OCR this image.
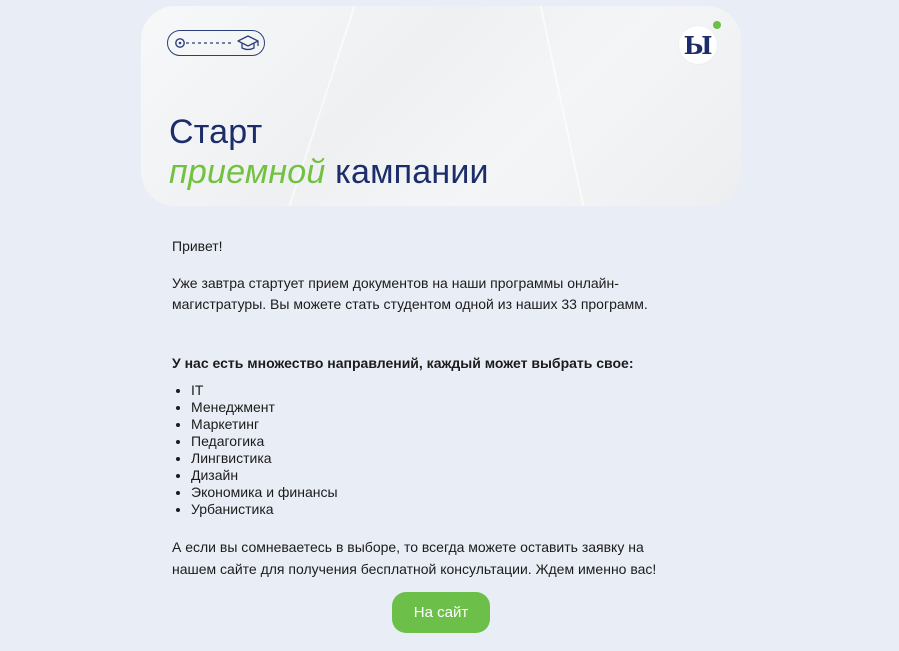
Ы
Старт
приемной кампании

Привет!

Уже завтра стартует прием документов на наши программы онлайн-магистратуры. Вы можете стать студентом одной из наших 33 программ.

У нас есть множество направлений, каждый может выбрать свое:

• IT
• Менеджмент
• Маркетинг
• Педагогика
• Лингвистика
• Дизайн
• Экономика и финансы
• Урбанистика

А если вы сомневаетесь в выборе, то всегда можете оставить заявку на нашем сайте для получения бесплатной консультации. Ждем именно вас!

На сайт
